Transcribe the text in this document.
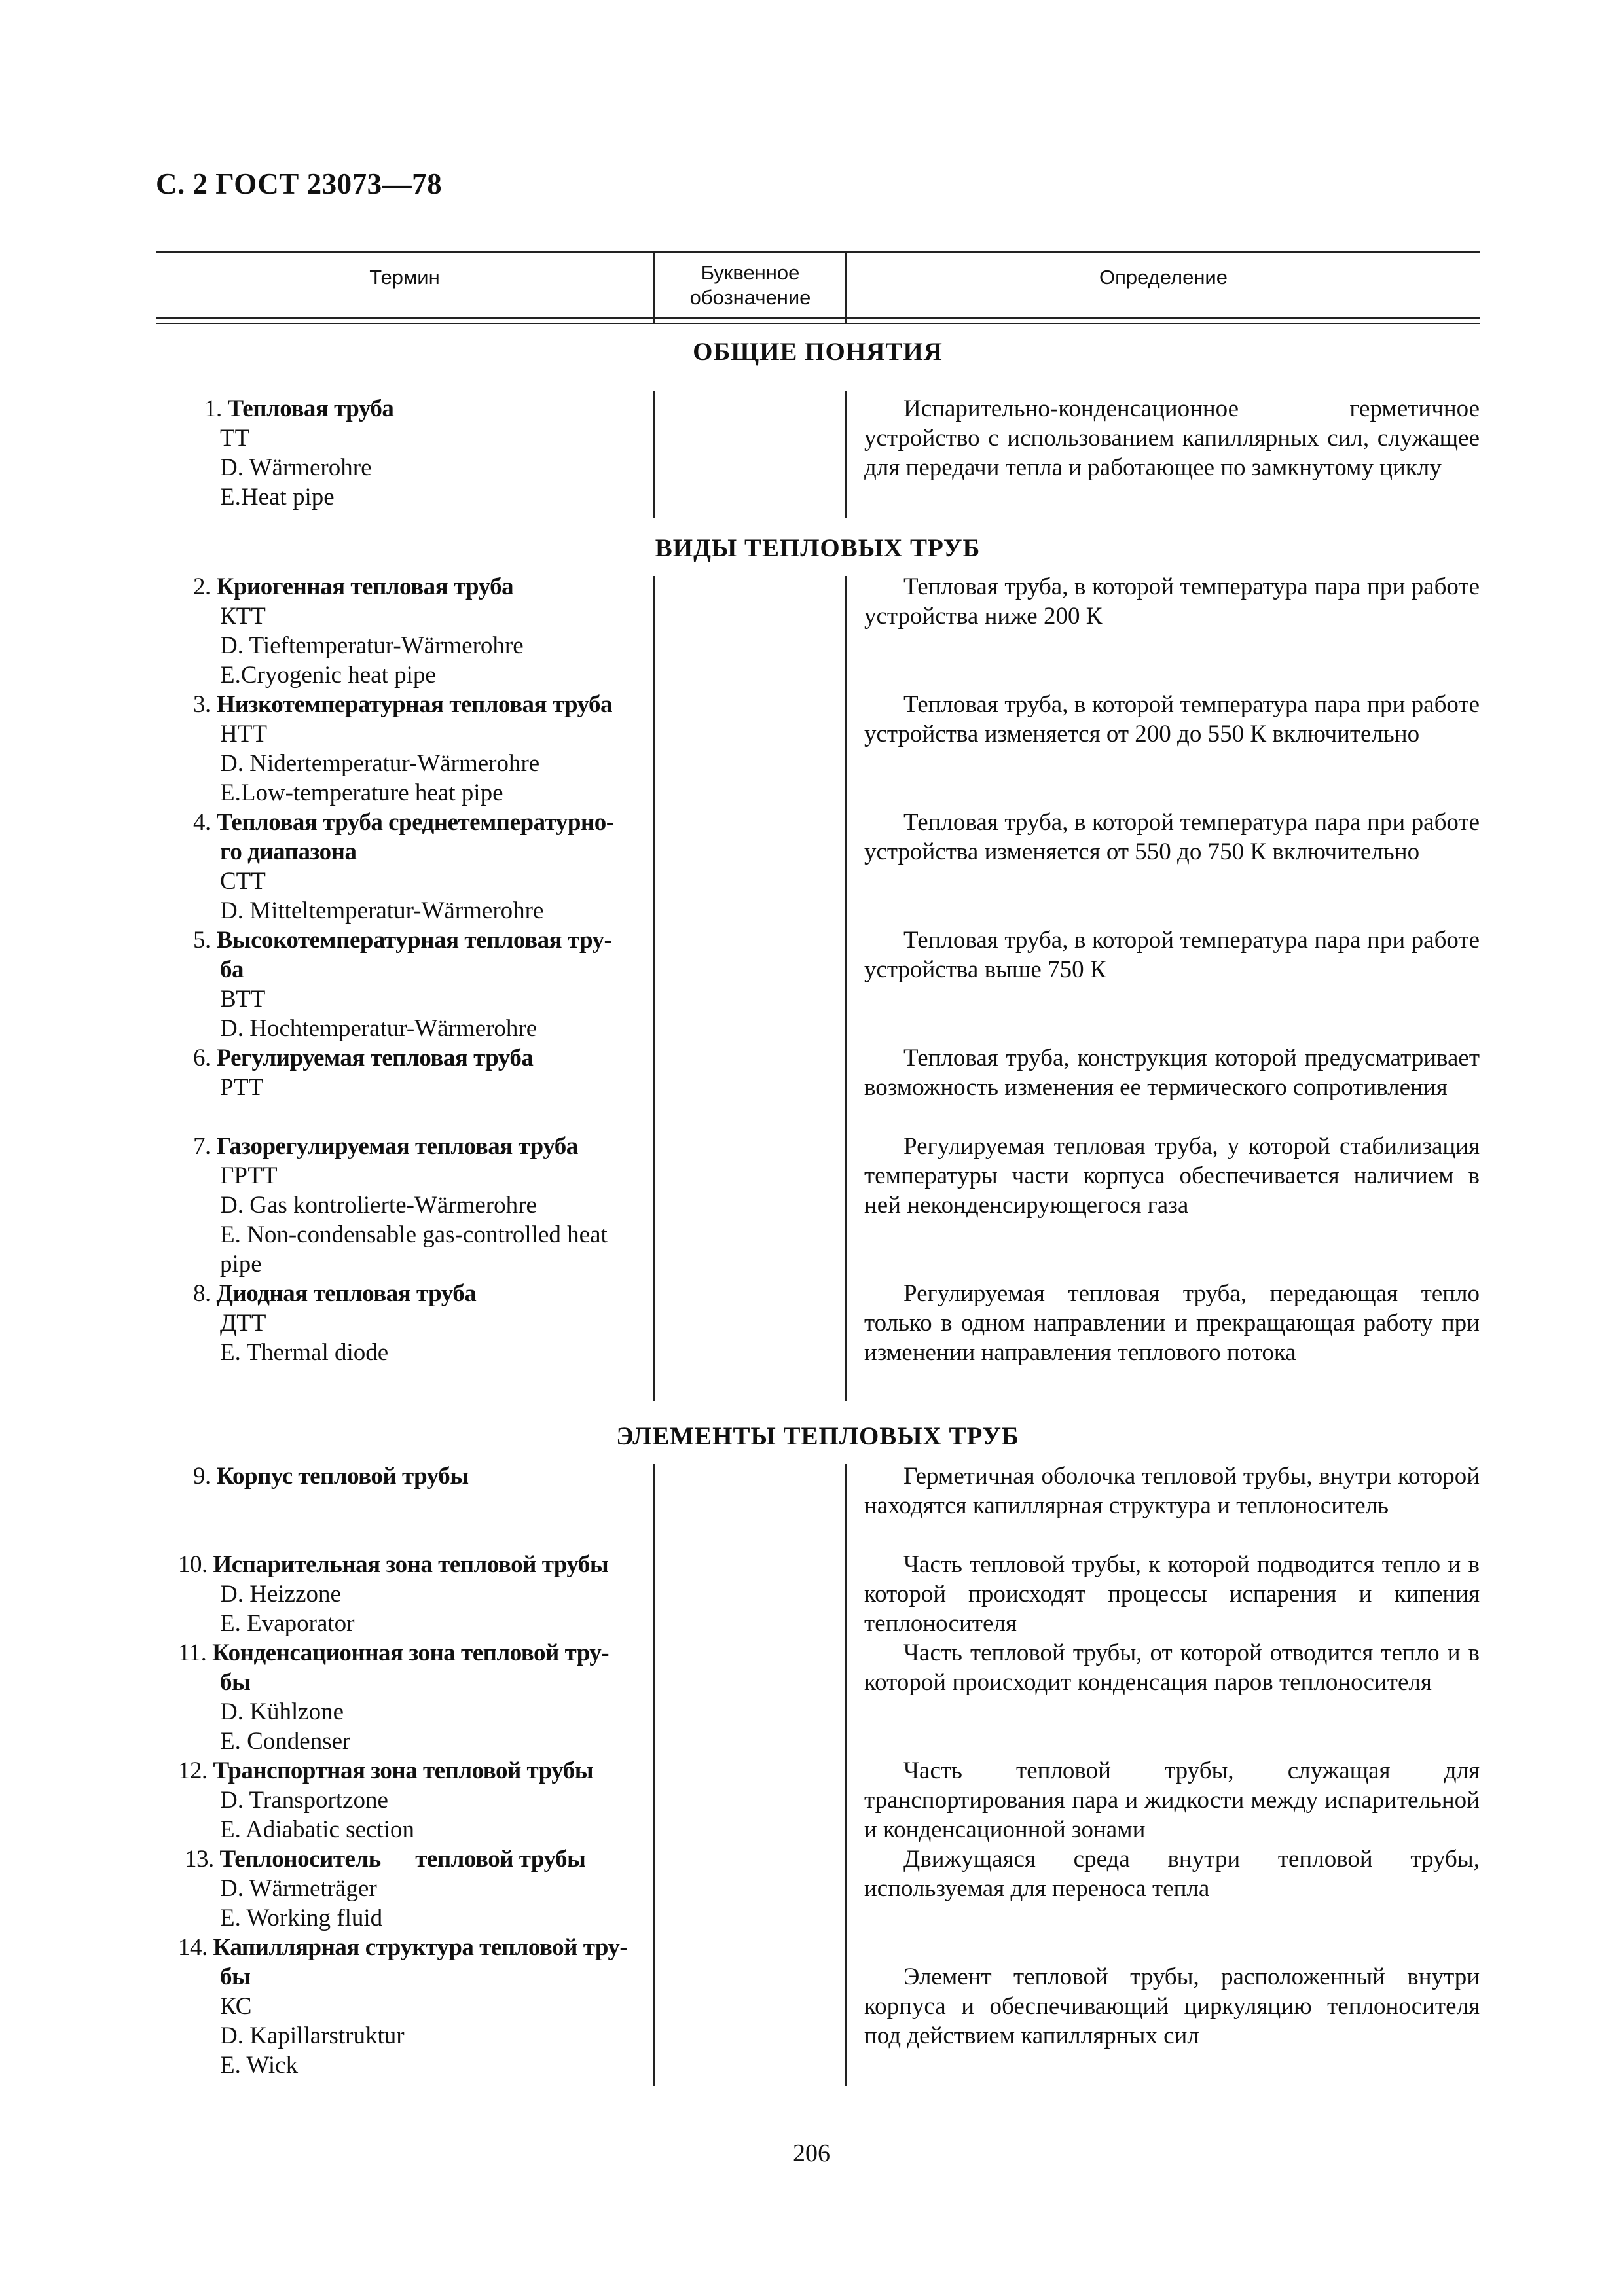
С. 2 ГОСТ 23073—78
Термин	Буквенное
обозначение
Определение
ОБЩИЕ ПОНЯТИЯ
ВИДЫ ТЕПЛОВЫХ ТРУБ
ЭЛЕМЕНТЫ ТЕПЛОВЫХ ТРУБ
1. Тепловая труба
ТТ
D. Wärmerohre
E.Heat pipe
Испарительно-конденсационное герметичное устройство с использованием капиллярных сил, служащее для передачи тепла и работающее по замкнутому циклу
2. Криогенная тепловая труба
КТТ
D. Tieftemperatur-Wärmerohre
E.Cryogenic heat pipe
Тепловая труба, в которой температура пара при работе устройства ниже 200 К
3. Низкотемпературная тепловая труба
НТТ
D. Nidertemperatur-Wärmerohre
E.Low-temperature heat pipe
Тепловая труба, в которой температура пара при работе устройства изменяется от 200 до 550 К включительно
4. Тепловая труба среднетемпературно-
го диапазона
СТТ
D. Mitteltemperatur-Wärmerohre
Тепловая труба, в которой температура пара при работе устройства изменяется от 550 до 750 К включительно
5. Высокотемпературная тепловая тру-
ба
ВТТ
D. Hochtemperatur-Wärmerohre
Тепловая труба, в которой температура пара при работе устройства выше 750 К
6. Регулируемая тепловая труба
РТТ
Тепловая труба, конструкция которой предусматривает возможность изменения ее термического сопротивления
7. Газорегулируемая тепловая труба
ГРТТ
D. Gas kontrolierte-Wärmerohre
E. Non-condensable gas-controlled heat
pipe
Регулируемая тепловая труба, у которой стабилизация температуры части корпуса обеспечивается наличием в ней неконденсирующегося газа
8. Диодная тепловая труба
ДТТ
E. Thermal diode
Регулируемая тепловая труба, передающая тепло только в одном направлении и прекращающая работу при изменении направления теплового потока
9. Корпус тепловой трубы	Герметичная оболочка тепловой трубы, внутри которой находятся капиллярная структура и теплоноситель
10. Испарительная зона тепловой трубы
D. Heizzone
E. Evaporator
Часть тепловой трубы, к которой подводится тепло и в которой происходят процессы испарения и кипения теплоносителя
11. Конденсационная зона тепловой тру-
бы
D. Kühlzone
E. Condenser
Часть тепловой трубы, от которой отводится тепло и в которой происходит конденсация паров теплоносителя
12. Транспортная зона тепловой трубы
D. Transportzone
E. Adiabatic section
Часть тепловой трубы, служащая для транспортирования пара и жидкости между испарительной и конденсационной зонами
13. Теплоноситель      тепловой трубы
D. Wärmeträger
E. Working fluid
Движущаяся среда внутри тепловой трубы, используемая для переноса тепла
14. Капиллярная структура тепловой тру-
бы
КС
D. Kapillarstruktur
E. Wick
Элемент тепловой трубы, расположенный внутри корпуса и обеспечивающий циркуляцию теплоносителя под действием капиллярных сил
206
